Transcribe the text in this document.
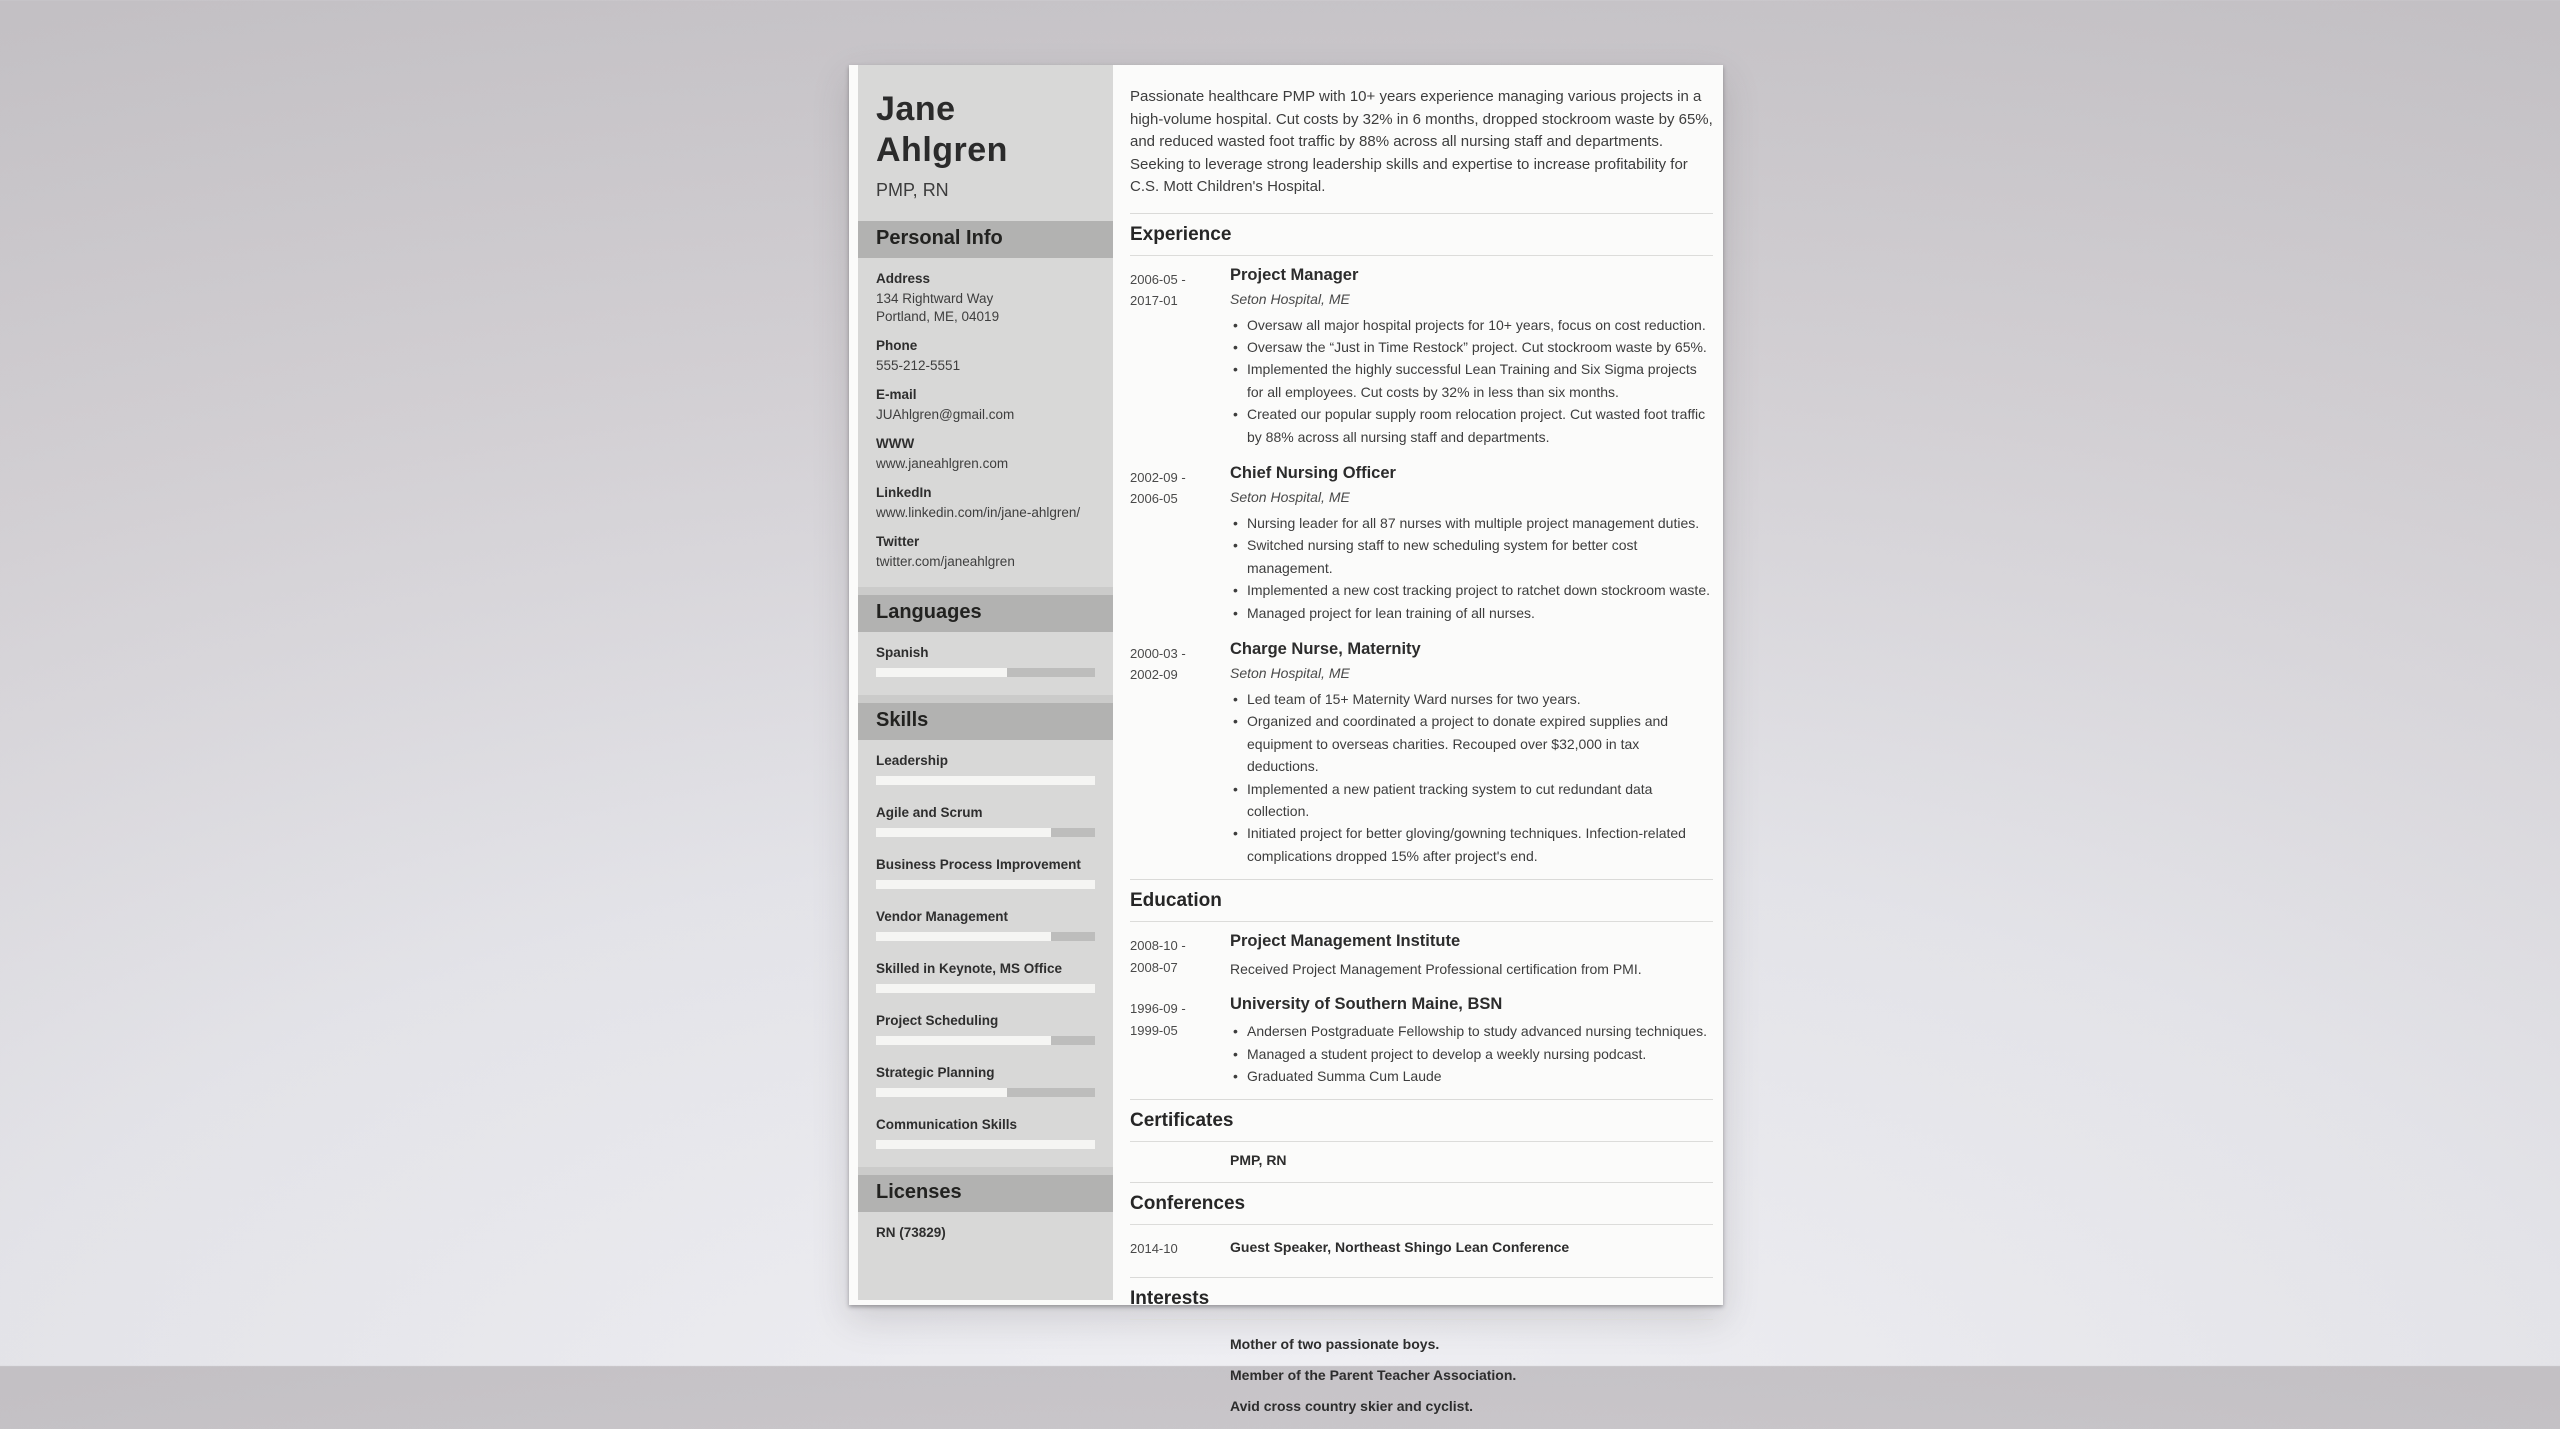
Jane
Ahlgren
PMP, RN
Personal Info
Address
134 Rightward Way
Portland, ME, 04019
Phone
555-212-5551
E-mail
JUAhlgren@gmail.com
WWW
www.janeahlgren.com
LinkedIn
www.linkedin.com/in/jane-ahlgren/
Twitter
twitter.com/janeahlgren
Languages
Spanish
Skills
Leadership
Agile and Scrum
Business Process Improvement
Vendor Management
Skilled in Keynote, MS Office
Project Scheduling
Strategic Planning
Communication Skills
Licenses
RN (73829)

Passionate healthcare PMP with 10+ years experience managing various projects in a high-volume hospital. Cut costs by 32% in 6 months, dropped stockroom waste by 65%, and reduced wasted foot traffic by 88% across all nursing staff and departments. Seeking to leverage strong leadership skills and expertise to increase profitability for C.S. Mott Children's Hospital.

Experience
2006-05 -
2017-01
Project Manager
Seton Hospital, ME
• Oversaw all major hospital projects for 10+ years, focus on cost reduction.
• Oversaw the “Just in Time Restock” project. Cut stockroom waste by 65%.
• Implemented the highly successful Lean Training and Six Sigma projects for all employees. Cut costs by 32% in less than six months.
• Created our popular supply room relocation project. Cut wasted foot traffic by 88% across all nursing staff and departments.
2002-09 -
2006-05
Chief Nursing Officer
Seton Hospital, ME
• Nursing leader for all 87 nurses with multiple project management duties.
• Switched nursing staff to new scheduling system for better cost management.
• Implemented a new cost tracking project to ratchet down stockroom waste.
• Managed project for lean training of all nurses.
2000-03 -
2002-09
Charge Nurse, Maternity
Seton Hospital, ME
• Led team of 15+ Maternity Ward nurses for two years.
• Organized and coordinated a project to donate expired supplies and equipment to overseas charities. Recouped over $32,000 in tax deductions.
• Implemented a new patient tracking system to cut redundant data collection.
• Initiated project for better gloving/gowning techniques. Infection-related complications dropped 15% after project's end.
Education
2008-10 -
2008-07
Project Management Institute
Received Project Management Professional certification from PMI.
1996-09 -
1999-05
University of Southern Maine, BSN
• Andersen Postgraduate Fellowship to study advanced nursing techniques.
• Managed a student project to develop a weekly nursing podcast.
• Graduated Summa Cum Laude
Certificates
PMP, RN
Conferences
2014-10	Guest Speaker, Northeast Shingo Lean Conference
Interests
Mother of two passionate boys.
Member of the Parent Teacher Association.
Avid cross country skier and cyclist.
